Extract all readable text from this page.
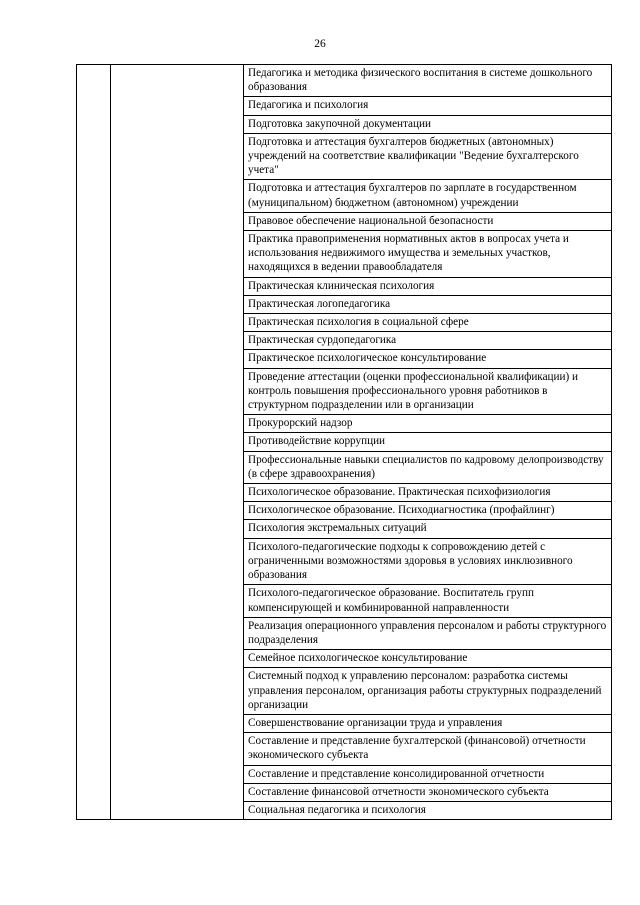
26
		Педагогика и методика физического воспитания в системе дошкольного образования
Педагогика и психология
Подготовка закупочной документации
Подготовка и аттестация бухгалтеров бюджетных (автономных) учреждений на соответствие квалификации "Ведение бухгалтерского учета"
Подготовка и аттестация бухгалтеров по зарплате в государственном (муниципальном) бюджетном (автономном) учреждении
Правовое обеспечение национальной безопасности
Практика правоприменения нормативных актов в вопросах учета и использования недвижимого имущества и земельных участков, находящихся в ведении правообладателя
Практическая клиническая психология
Практическая логопедагогика
Практическая психология в социальной сфере
Практическая сурдопедагогика
Практическое психологическое консультирование
Проведение аттестации (оценки профессиональной квалификации) и контроль повышения профессионального уровня работников в структурном подразделении или в организации
Прокурорский надзор
Противодействие коррупции
Профессиональные навыки специалистов по кадровому делопроизводству (в сфере здравоохранения)
Психологическое образование. Практическая психофизиология
Психологическое образование. Психодиагностика (профайлинг)
Психология экстремальных ситуаций
Психолого-педагогические подходы к сопровождению детей с ограниченными возможностями здоровья в условиях инклюзивного образования
Психолого-педагогическое образование. Воспитатель групп компенсирующей и комбинированной направленности
Реализация операционного управления персоналом и работы структурного подразделения
Семейное психологическое консультирование
Системный подход к управлению персоналом: разработка системы управления персоналом, организация работы структурных подразделений организации
Совершенствование организации труда и управления
Составление и представление бухгалтерской (финансовой) отчетности экономического субъекта
Составление и представление консолидированной отчетности
Составление финансовой отчетности экономического субъекта
Социальная педагогика и психология
